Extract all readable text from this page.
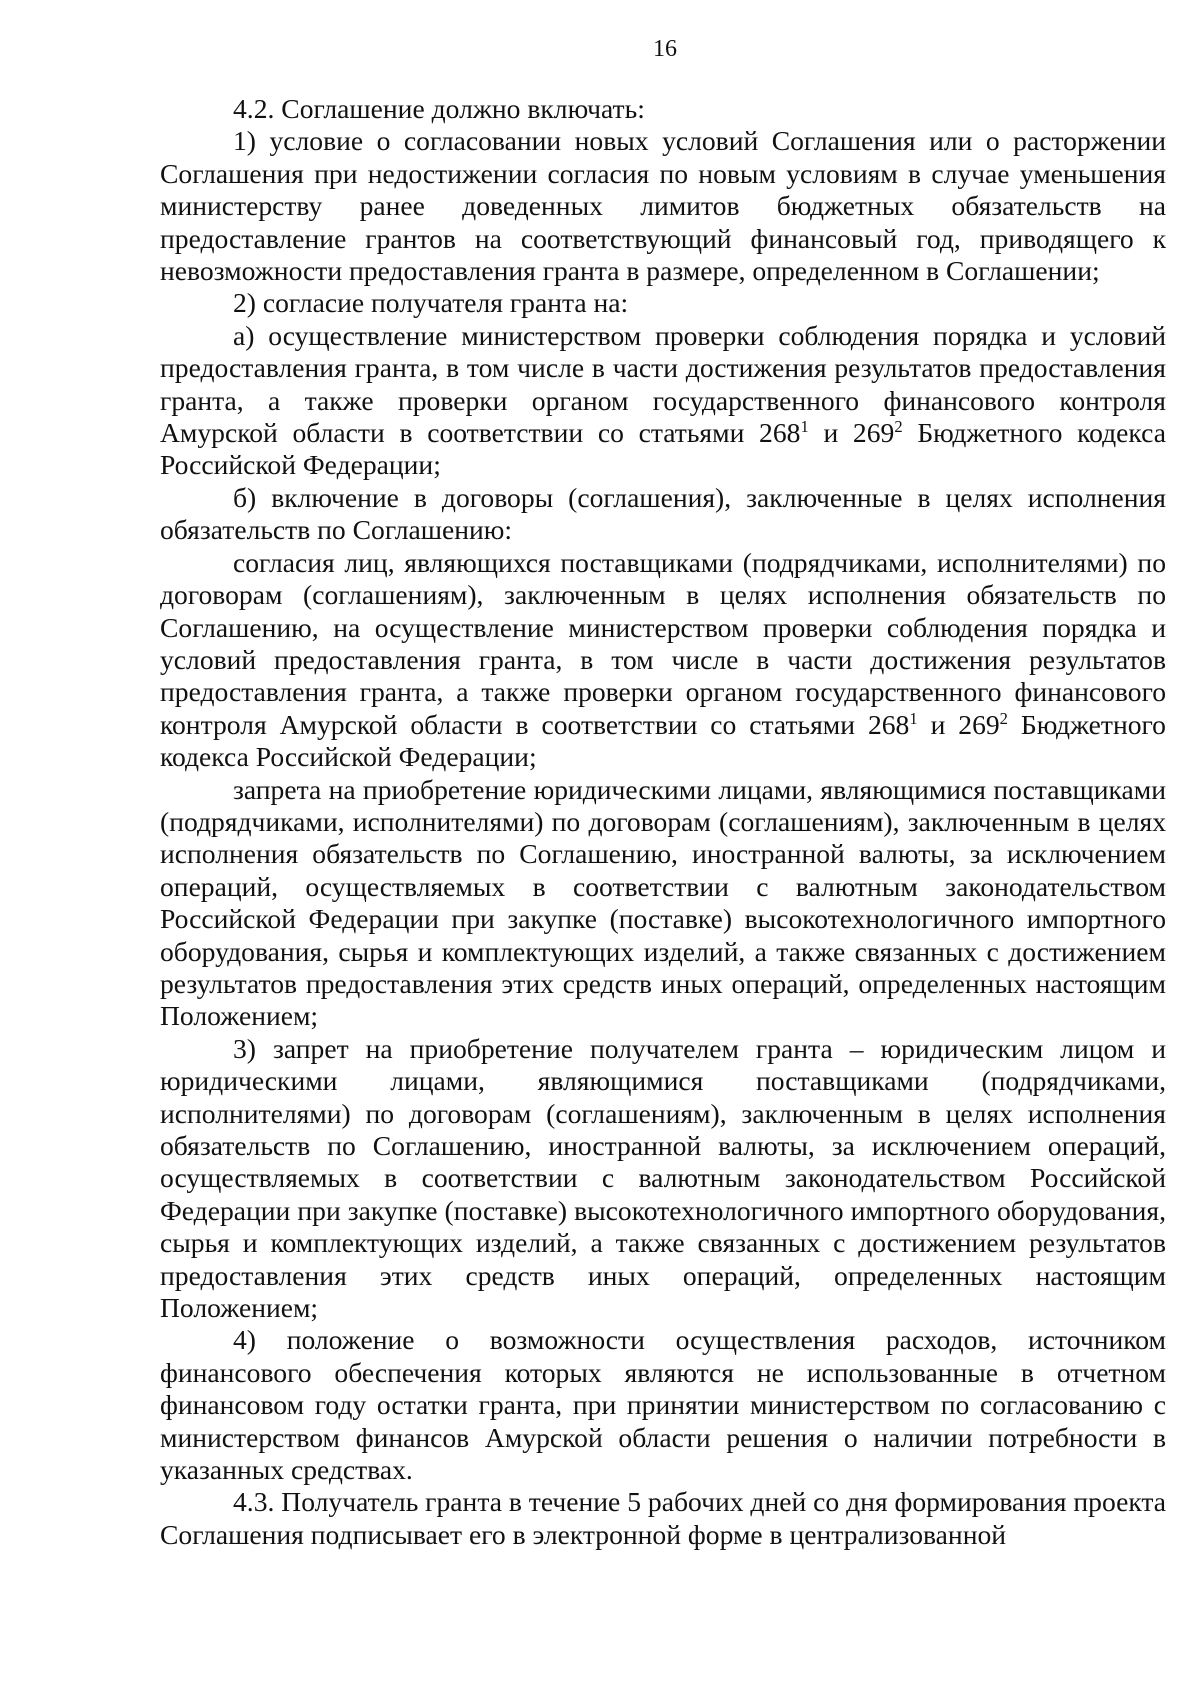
16

4.2. Соглашение должно включать:

1) условие о согласовании новых условий Соглашения или о расторжении Соглашения при недостижении согласия по новым условиям в случае уменьшения министерству ранее доведенных лимитов бюджетных обязательств на предоставление грантов на соответствующий финансовый год, приводящего к невозможности предоставления гранта в размере, определенном в Соглашении;

2) согласие получателя гранта на:

а) осуществление министерством проверки соблюдения порядка и условий предоставления гранта, в том числе в части достижения результатов предоставления гранта, а также проверки органом государственного финансового контроля Амурской области в соответствии со статьями $268^1$ и $269^2$ Бюджетного кодекса Российской Федерации;

б) включение в договоры (соглашения), заключенные в целях исполнения обязательств по Соглашению:

согласия лиц, являющихся поставщиками (подрядчиками, исполнителями) по договорам (соглашениям), заключенным в целях исполнения обязательств по Соглашению, на осуществление министерством проверки соблюдения порядка и условий предоставления гранта, в том числе в части достижения результатов предоставления гранта, а также проверки органом государственного финансового контроля Амурской области в соответствии со статьями $268^1$ и $269^2$ Бюджетного кодекса Российской Федерации;

запрета на приобретение юридическими лицами, являющимися поставщиками (подрядчиками, исполнителями) по договорам (соглашениям), заключенным в целях исполнения обязательств по Соглашению, иностранной валюты, за исключением операций, осуществляемых в соответствии с валютным законодательством Российской Федерации при закупке (поставке) высокотехнологичного импортного оборудования, сырья и комплектующих изделий, а также связанных с достижением результатов предоставления этих средств иных операций, определенных настоящим Положением;

3) запрет на приобретение получателем гранта – юридическим лицом и юридическими лицами, являющимися поставщиками (подрядчиками, исполнителями) по договорам (соглашениям), заключенным в целях исполнения обязательств по Соглашению, иностранной валюты, за исключением операций, осуществляемых в соответствии с валютным законодательством Российской Федерации при закупке (поставке) высокотехнологичного импортного оборудования, сырья и комплектующих изделий, а также связанных с достижением результатов предоставления этих средств иных операций, определенных настоящим Положением;

4) положение о возможности осуществления расходов, источником финансового обеспечения которых являются не использованные в отчетном финансовом году остатки гранта, при принятии министерством по согласованию с министерством финансов Амурской области решения о наличии потребности в указанных средствах.

4.3. Получатель гранта в течение 5 рабочих дней со дня формирования проекта Соглашения подписывает его в электронной форме в централизованной
